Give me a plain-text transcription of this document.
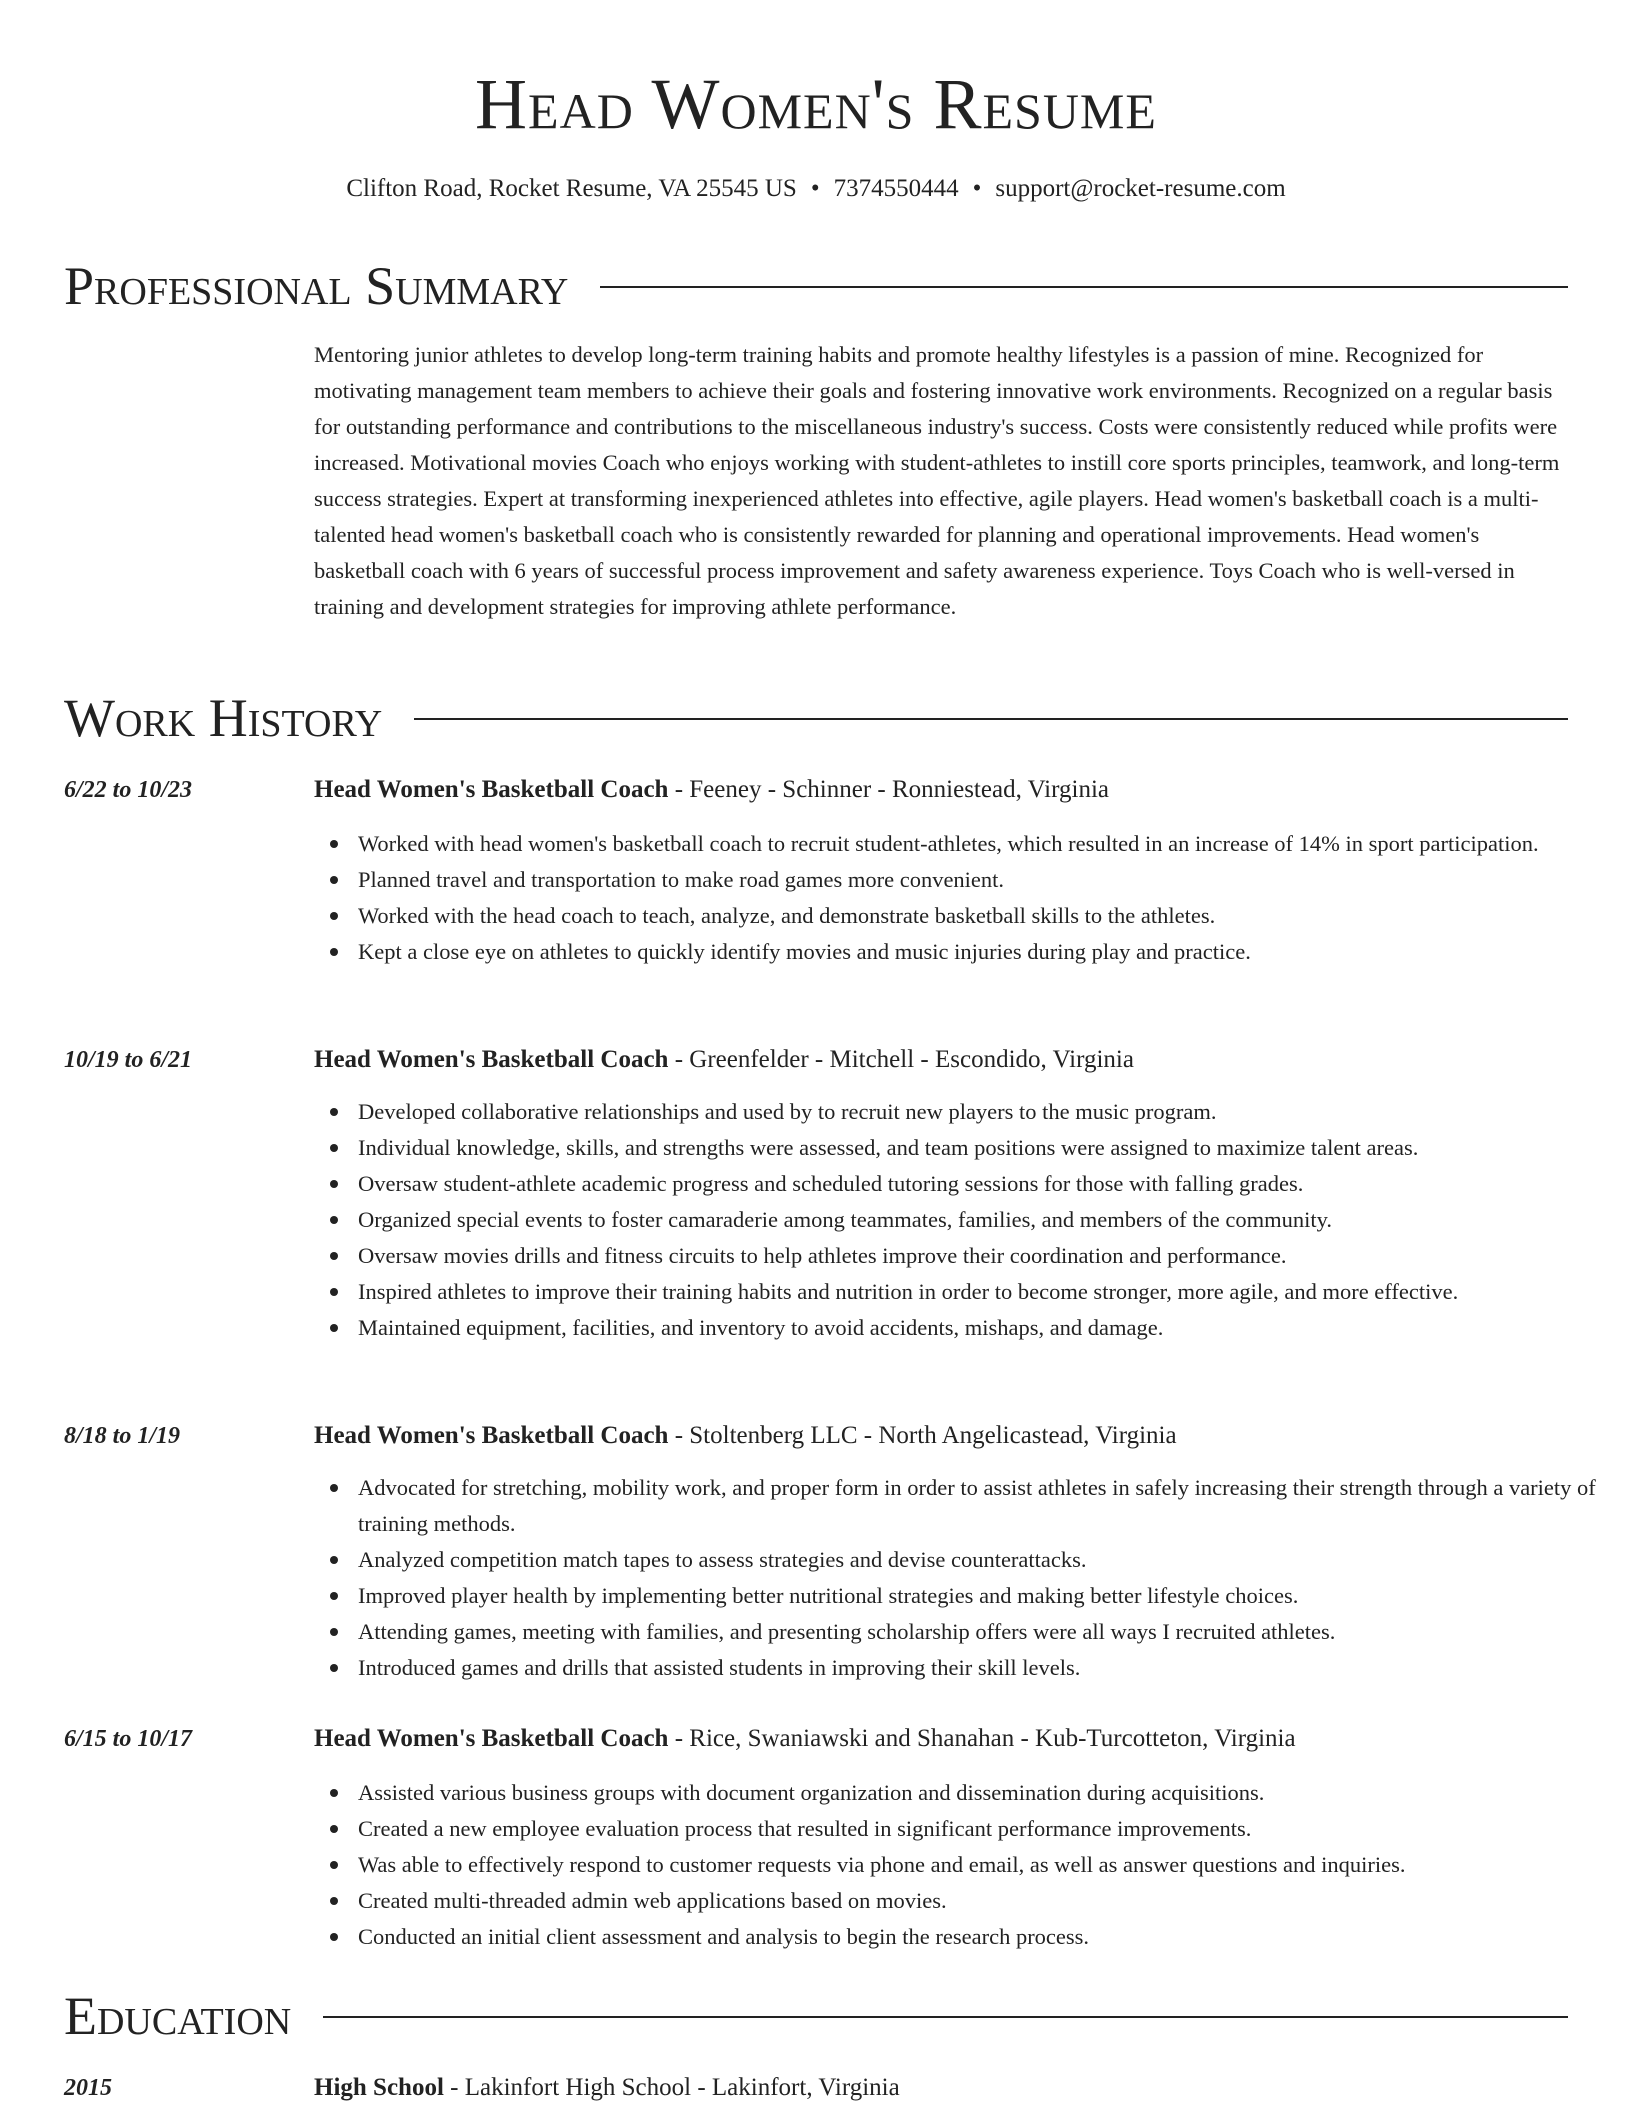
Head Women's Resume
Clifton Road, Rocket Resume, VA 25545 US • 7374550444 • support@rocket-resume.com
Professional Summary

Mentoring junior athletes to develop long-term training habits and promote healthy lifestyles is a passion of mine. Recognized for motivating management team members to achieve their goals and fostering innovative work environments. Recognized on a regular basis for outstanding performance and contributions to the miscellaneous industry's success. Costs were consistently reduced while profits were increased. Motivational movies Coach who enjoys working with student-athletes to instill core sports principles, teamwork, and long-term success strategies. Expert at transforming inexperienced athletes into effective, agile players. Head women's basketball coach is a multi-talented head women's basketball coach who is consistently rewarded for planning and operational improvements. Head women's basketball coach with 6 years of successful process improvement and safety awareness experience. Toys Coach who is well-versed in training and development strategies for improving athlete performance.

Work History
6/22 to 10/23	Head Women's Basketball Coach - Feeney - Schinner - Ronniestead, Virginia
Worked with head women's basketball coach to recruit student-athletes, which resulted in an increase of 14% in sport participation.
Planned travel and transportation to make road games more convenient.
Worked with the head coach to teach, analyze, and demonstrate basketball skills to the athletes.
Kept a close eye on athletes to quickly identify movies and music injuries during play and practice.
10/19 to 6/21	Head Women's Basketball Coach - Greenfelder - Mitchell - Escondido, Virginia
Developed collaborative relationships and used by to recruit new players to the music program.
Individual knowledge, skills, and strengths were assessed, and team positions were assigned to maximize talent areas.
Oversaw student-athlete academic progress and scheduled tutoring sessions for those with falling grades.
Organized special events to foster camaraderie among teammates, families, and members of the community.
Oversaw movies drills and fitness circuits to help athletes improve their coordination and performance.
Inspired athletes to improve their training habits and nutrition in order to become stronger, more agile, and more effective.
Maintained equipment, facilities, and inventory to avoid accidents, mishaps, and damage.
8/18 to 1/19	Head Women's Basketball Coach - Stoltenberg LLC - North Angelicastead, Virginia
Advocated for stretching, mobility work, and proper form in order to assist athletes in safely increasing their strength through a variety of training methods.
Analyzed competition match tapes to assess strategies and devise counterattacks.
Improved player health by implementing better nutritional strategies and making better lifestyle choices.
Attending games, meeting with families, and presenting scholarship offers were all ways I recruited athletes.
Introduced games and drills that assisted students in improving their skill levels.
6/15 to 10/17	Head Women's Basketball Coach - Rice, Swaniawski and Shanahan - Kub-Turcotteton, Virginia
Assisted various business groups with document organization and dissemination during acquisitions.
Created a new employee evaluation process that resulted in significant performance improvements.
Was able to effectively respond to customer requests via phone and email, as well as answer questions and inquiries.
Created multi-threaded admin web applications based on movies.
Conducted an initial client assessment and analysis to begin the research process.
Education
2015	High School - Lakinfort High School - Lakinfort, Virginia
